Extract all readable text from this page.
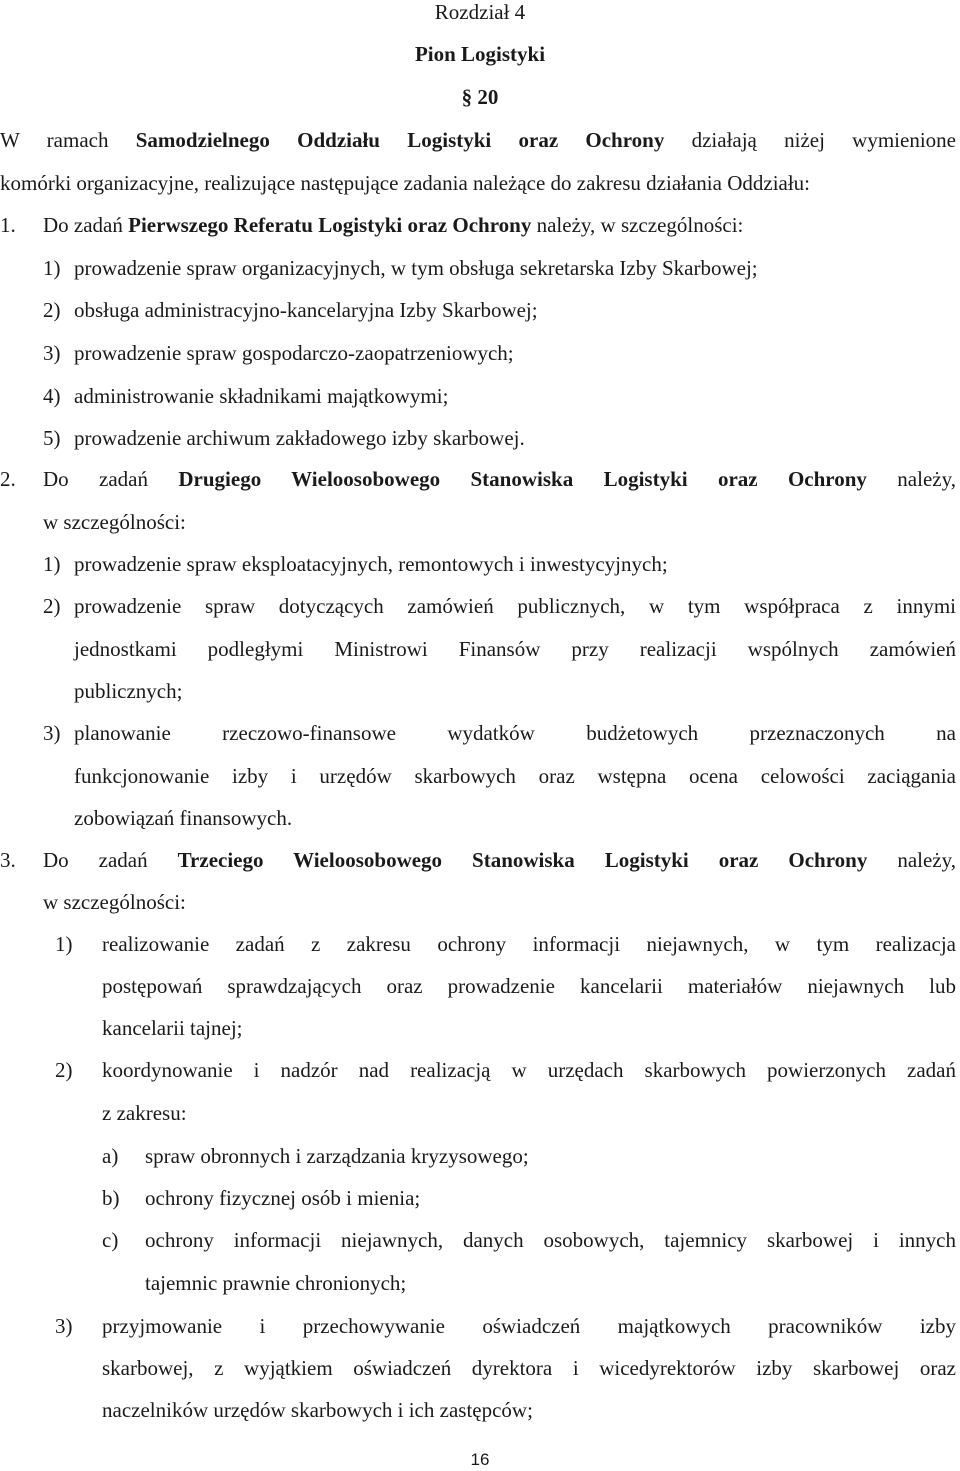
Rozdział 4
Pion Logistyki
§ 20
W ramach Samodzielnego Oddziału Logistyki oraz Ochrony działają niżej wymienione
komórki organizacyjne, realizujące następujące zadania należące do zakresu działania Oddziału:
1. Do zadań Pierwszego Referatu Logistyki oraz Ochrony należy, w szczególności:
1) prowadzenie spraw organizacyjnych, w tym obsługa sekretarska Izby Skarbowej;
2) obsługa administracyjno-kancelaryjna Izby Skarbowej;
3) prowadzenie spraw gospodarczo-zaopatrzeniowych;
4) administrowanie składnikami majątkowymi;
5) prowadzenie archiwum zakładowego izby skarbowej.
2. Do zadań Drugiego Wieloosobowego Stanowiska Logistyki oraz Ochrony należy,
w szczególności:
1) prowadzenie spraw eksploatacyjnych, remontowych i inwestycyjnych;
2) prowadzenie spraw dotyczących zamówień publicznych, w tym współpraca z innymi
jednostkami podległymi Ministrowi Finansów przy realizacji wspólnych zamówień
publicznych;
3) planowanie rzeczowo-finansowe wydatków budżetowych przeznaczonych na
funkcjonowanie izby i urzędów skarbowych oraz wstępna ocena celowości zaciągania
zobowiązań finansowych.
3. Do zadań Trzeciego Wieloosobowego Stanowiska Logistyki oraz Ochrony należy,
w szczególności:
1) realizowanie zadań z zakresu ochrony informacji niejawnych, w tym realizacja
postępowań sprawdzających oraz prowadzenie kancelarii materiałów niejawnych lub
kancelarii tajnej;
2) koordynowanie i nadzór nad realizacją w urzędach skarbowych powierzonych zadań
z zakresu:
a) spraw obronnych i zarządzania kryzysowego;
b) ochrony fizycznej osób i mienia;
c) ochrony informacji niejawnych, danych osobowych, tajemnicy skarbowej i innych
tajemnic prawnie chronionych;
3) przyjmowanie i przechowywanie oświadczeń majątkowych pracowników izby
skarbowej, z wyjątkiem oświadczeń dyrektora i wicedyrektorów izby skarbowej oraz
naczelników urzędów skarbowych i ich zastępców;
16
